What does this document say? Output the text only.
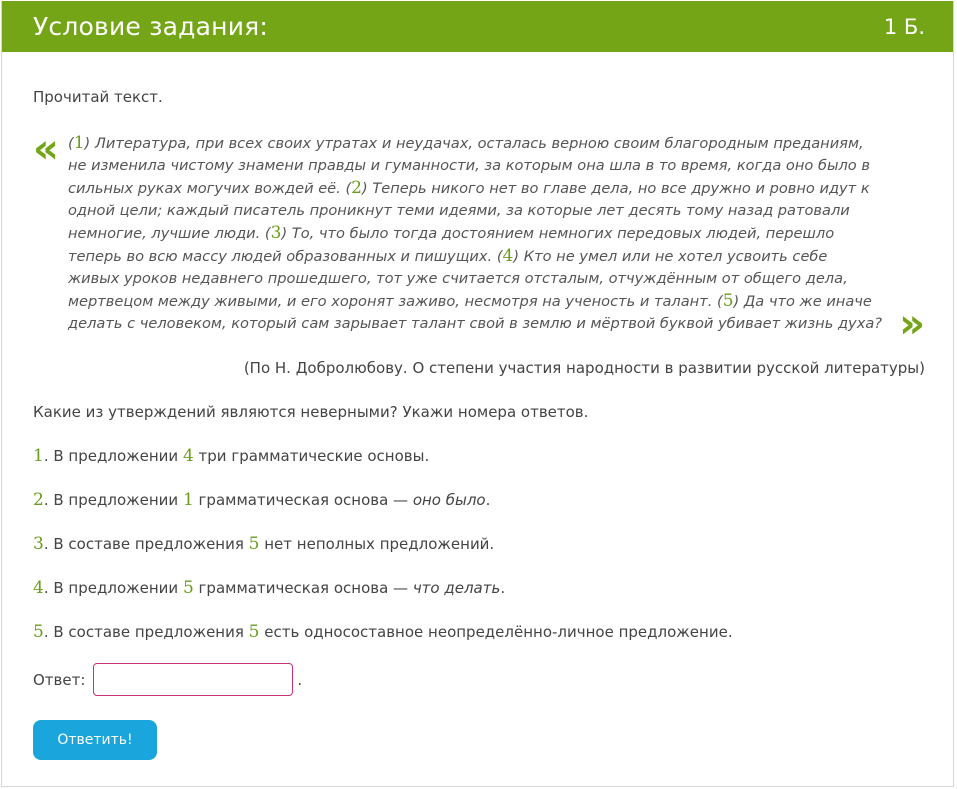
Условие задания:	1 Б.

Прочитай текст.

« (1) Литература, при всех своих утратах и неудачах, осталась верною своим благородным преданиям, не изменила чистому знамени правды и гуманности, за которым она шла в то время, когда оно было в сильных руках могучих вождей её. (2) Теперь никого нет во главе дела, но все дружно и ровно идут к одной цели; каждый писатель проникнут теми идеями, за которые лет десять тому назад ратовали немногие, лучшие люди. (3) То, что было тогда достоянием немногих передовых людей, перешло теперь во всю массу людей образованных и пишущих. (4) Кто не умел или не хотел усвоить себе живых уроков недавнего прошедшего, тот уже считается отсталым, отчуждённым от общего дела, мертвецом между живыми, и его хоронят заживо, несмотря на ученость и талант. (5) Да что же иначе делать с человеком, который сам зарывает талант свой в землю и мёртвой буквой убивает жизнь духа? »
(По Н. Добролюбову. О степени участия народности в развитии русской литературы)
Какие из утверждений являются неверными? Укажи номера ответов.
1. В предложении 4 три грамматические основы.
2. В предложении 1 грамматическая основа — оно было.
3. В составе предложения 5 нет неполных предложений.
4. В предложении 5 грамматическая основа — что делать.
5. В составе предложения 5 есть односоставное неопределённо-личное предложение.
Ответ:	.
Ответить!
